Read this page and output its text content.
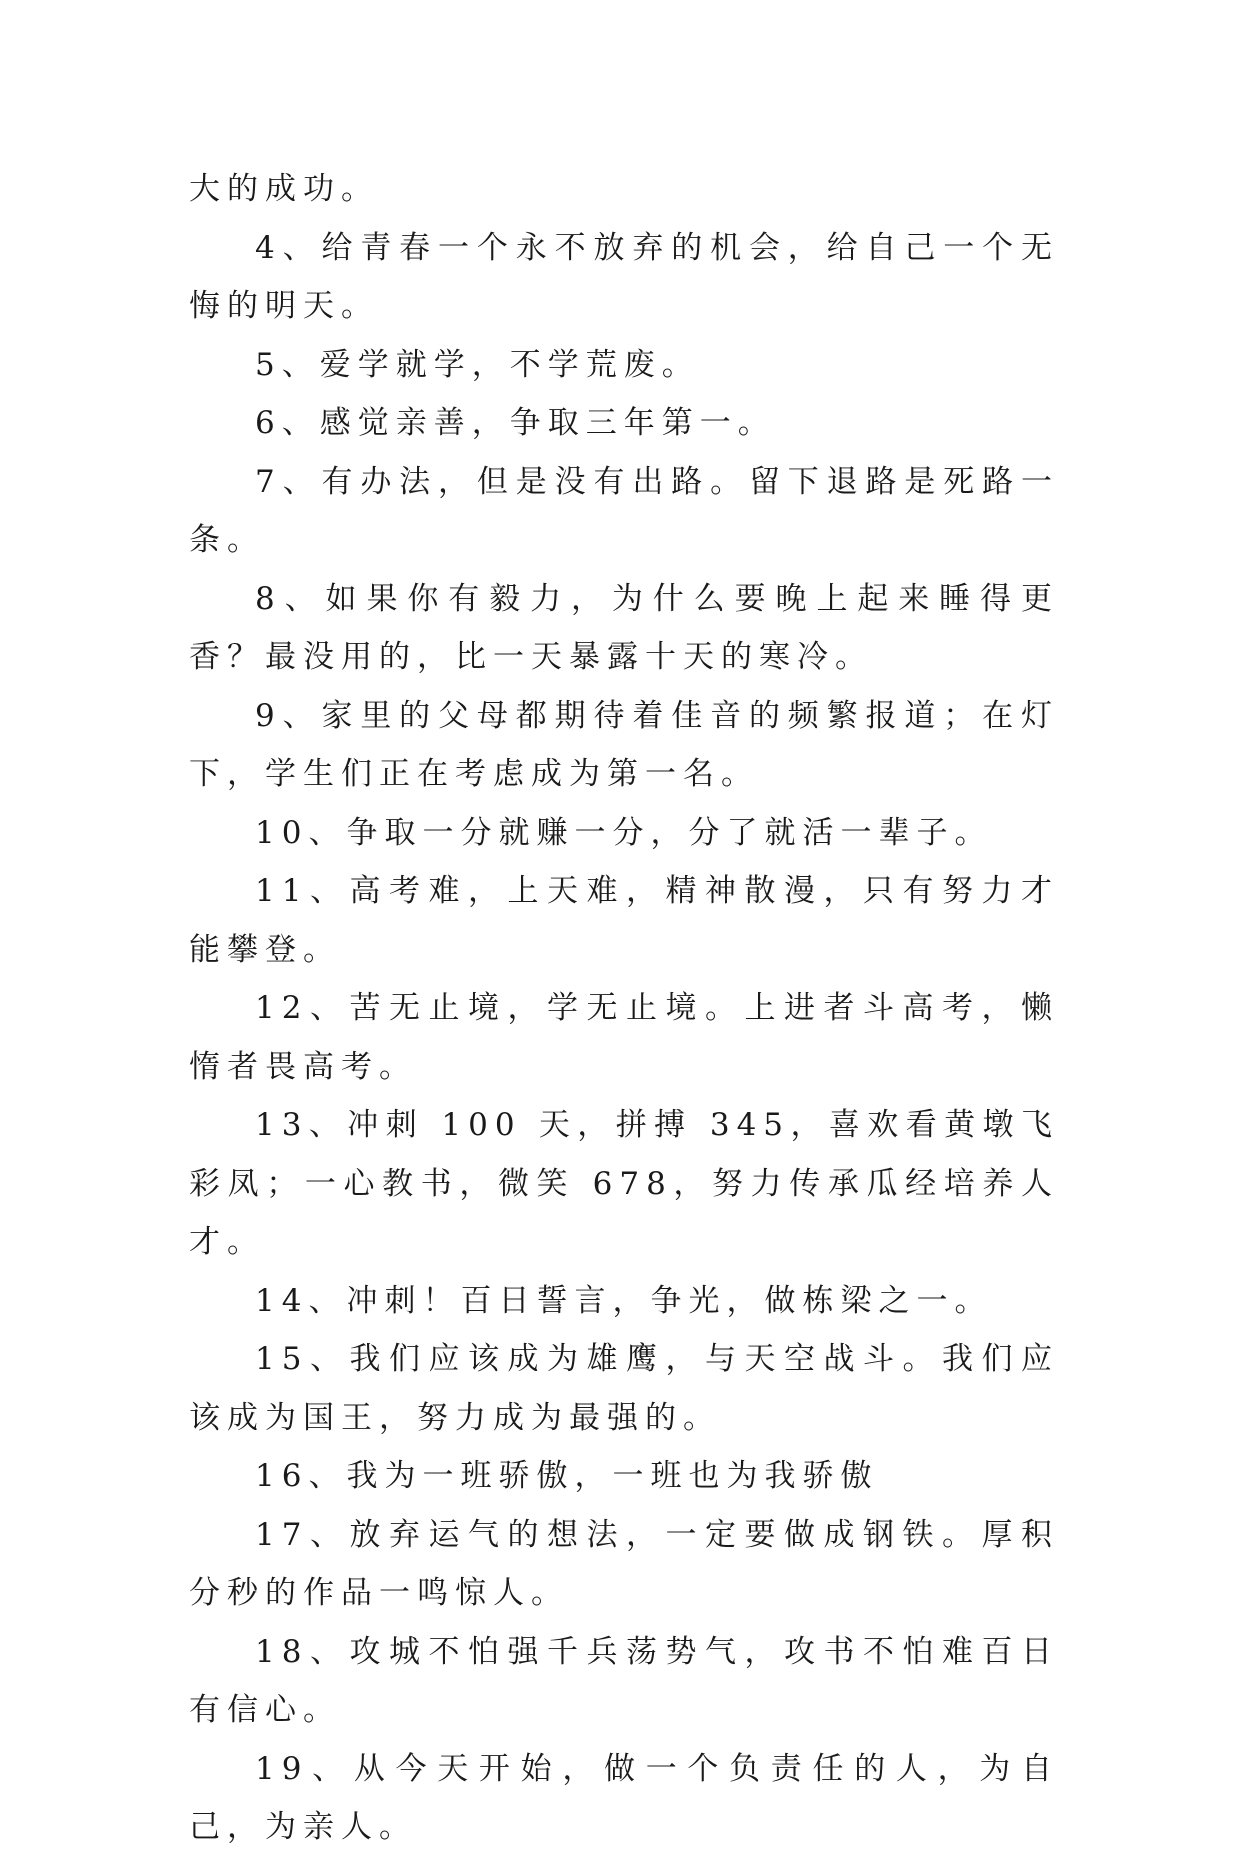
大的成功。

4、给青春一个永不放弃的机会，给自己一个无悔的明天。

5、爱学就学，不学荒废。

6、感觉亲善，争取三年第一。

7、有办法，但是没有出路。留下退路是死路一条。

8、如果你有毅力，为什么要晚上起来睡得更香？最没用的，比一天暴露十天的寒冷。

9、家里的父母都期待着佳音的频繁报道；在灯下，学生们正在考虑成为第一名。

10、争取一分就赚一分，分了就活一辈子。

11、高考难，上天难，精神散漫，只有努力才能攀登。

12、苦无止境，学无止境。上进者斗高考，懒惰者畏高考。

13、冲刺 100 天，拼搏 345，喜欢看黄墩飞彩凤；一心教书，微笑 678，努力传承瓜经培养人才。

14、冲刺！百日誓言，争光，做栋梁之一。

15、我们应该成为雄鹰，与天空战斗。我们应该成为国王，努力成为最强的。

16、我为一班骄傲，一班也为我骄傲

17、放弃运气的想法，一定要做成钢铁。厚积分秒的作品一鸣惊人。

18、攻城不怕强千兵荡势气，攻书不怕难百日有信心。

19、从今天开始，做一个负责任的人，为自己，为亲人。
